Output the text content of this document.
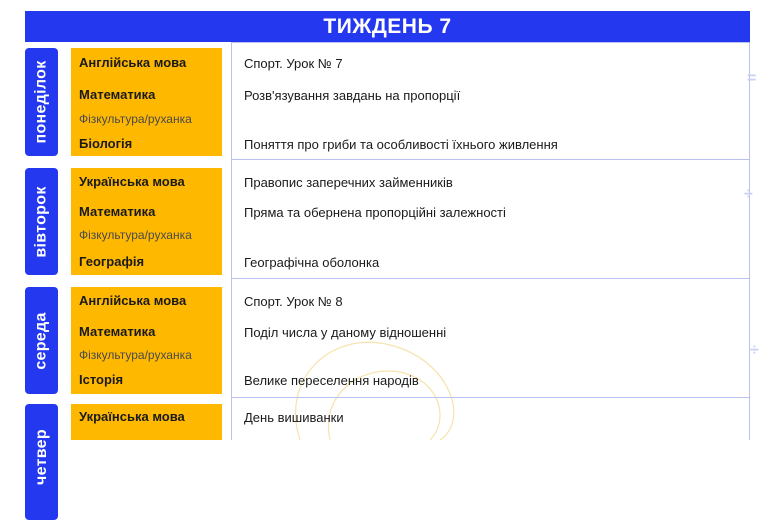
ТИЖДЕНЬ 7
понеділок Англійська мова
Математика
Фізкультура/руханка
Біологія
Спорт. Урок № 7
Розв'язування завдань на пропорції
Поняття про гриби та особливості їхнього живлення
вівторок
Українська мова
Математика
Фізкультура/руханка
Географія
Правопис заперечних займенників
Пряма та обернена пропорційні залежності
Географічна оболонка
середа
Англійська мова
Математика
Фізкультура/руханка
Історія
Спорт. Урок № 8
Поділ числа у даному відношенні
Велике переселення народів
четвер
Українська мова	День вишиванки
=
÷
÷
